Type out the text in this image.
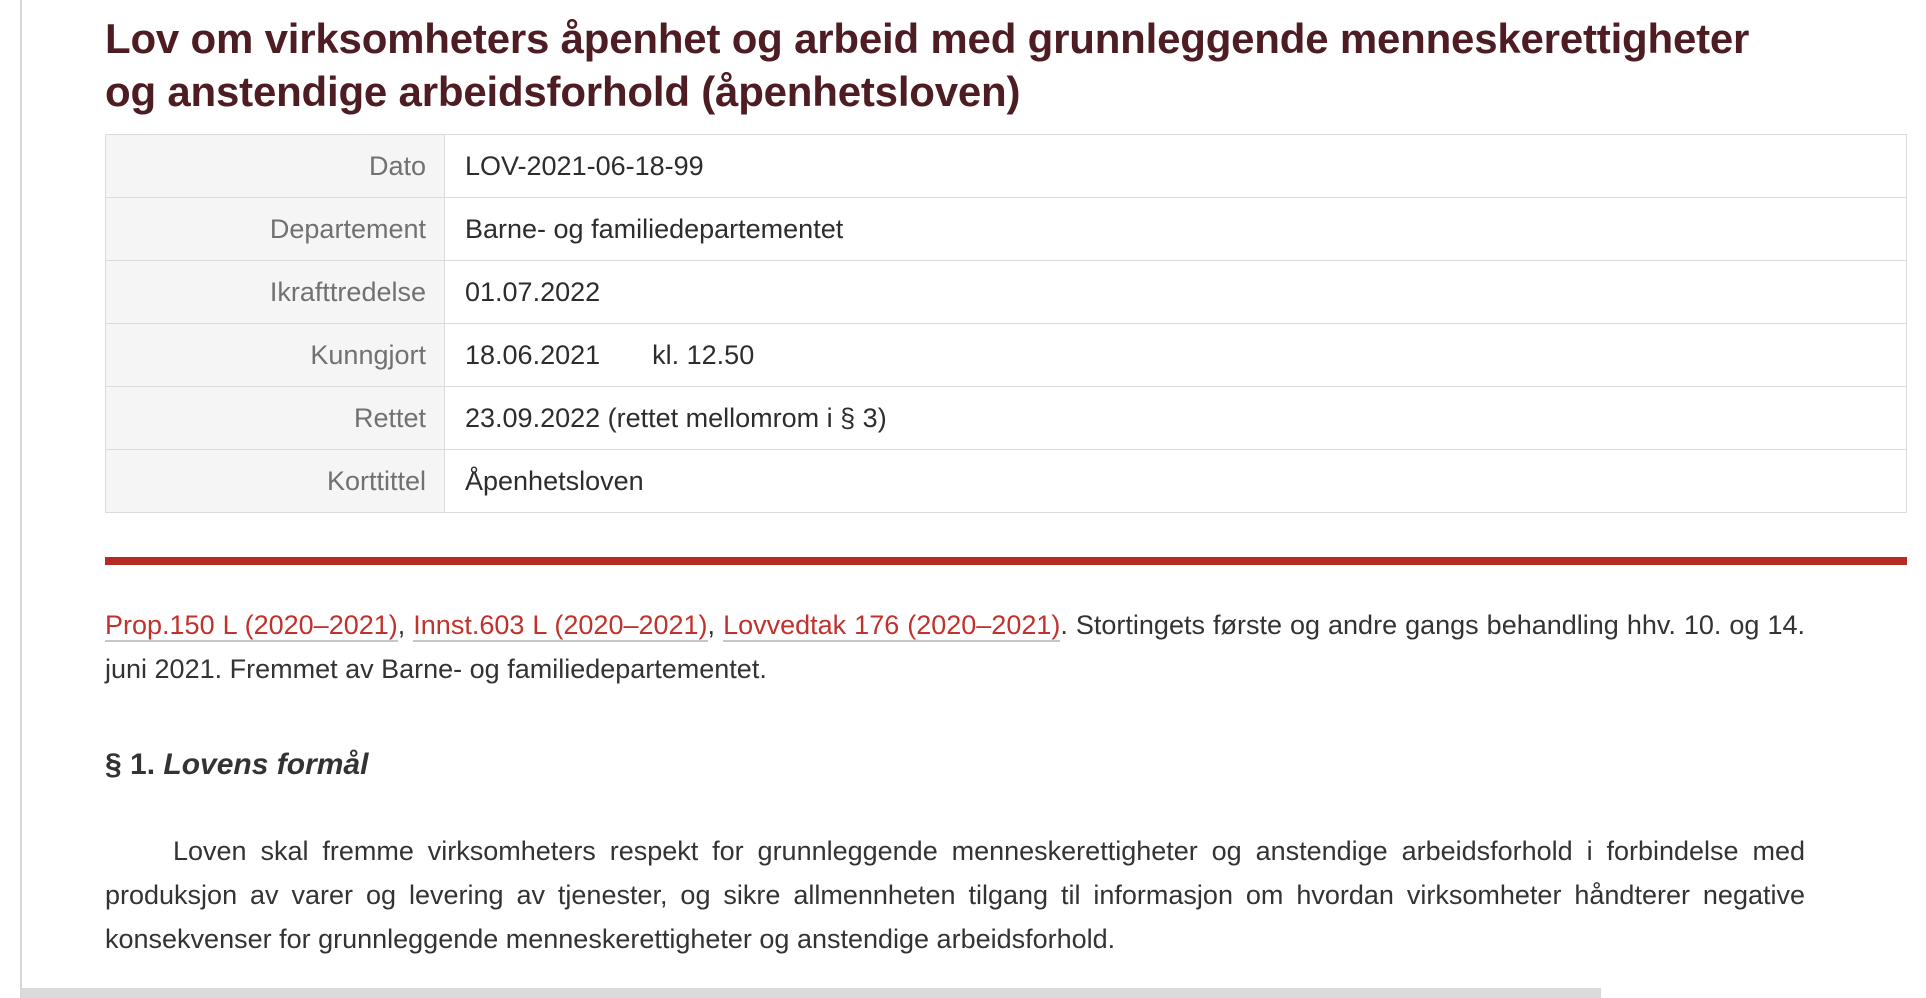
Lov om virksomheters åpenhet og arbeid med grunnleggende menneskerettigheter og anstendige arbeidsforhold (åpenhetsloven)
Dato	LOV-2021-06-18-99
Departement	Barne- og familiedepartementet
Ikrafttredelse	01.07.2022
Kunngjort	18.06.2021 kl. 12.50
Rettet	23.09.2022 (rettet mellomrom i § 3)
Korttittel	Åpenhetsloven

Prop.150 L (2020–2021), Innst.603 L (2020–2021), Lovvedtak 176 (2020–2021). Stortingets første og andre gangs behandling hhv. 10. og 14. juni 2021. Fremmet av Barne- og familiedepartementet.

§ 1. Lovens formål

Loven skal fremme virksomheters respekt for grunnleggende menneskerettigheter og anstendige arbeidsforhold i forbindelse med produksjon av varer og levering av tjenester, og sikre allmennheten tilgang til informasjon om hvordan virksomheter håndterer negative konsekvenser for grunnleggende menneskerettigheter og anstendige arbeidsforhold.
